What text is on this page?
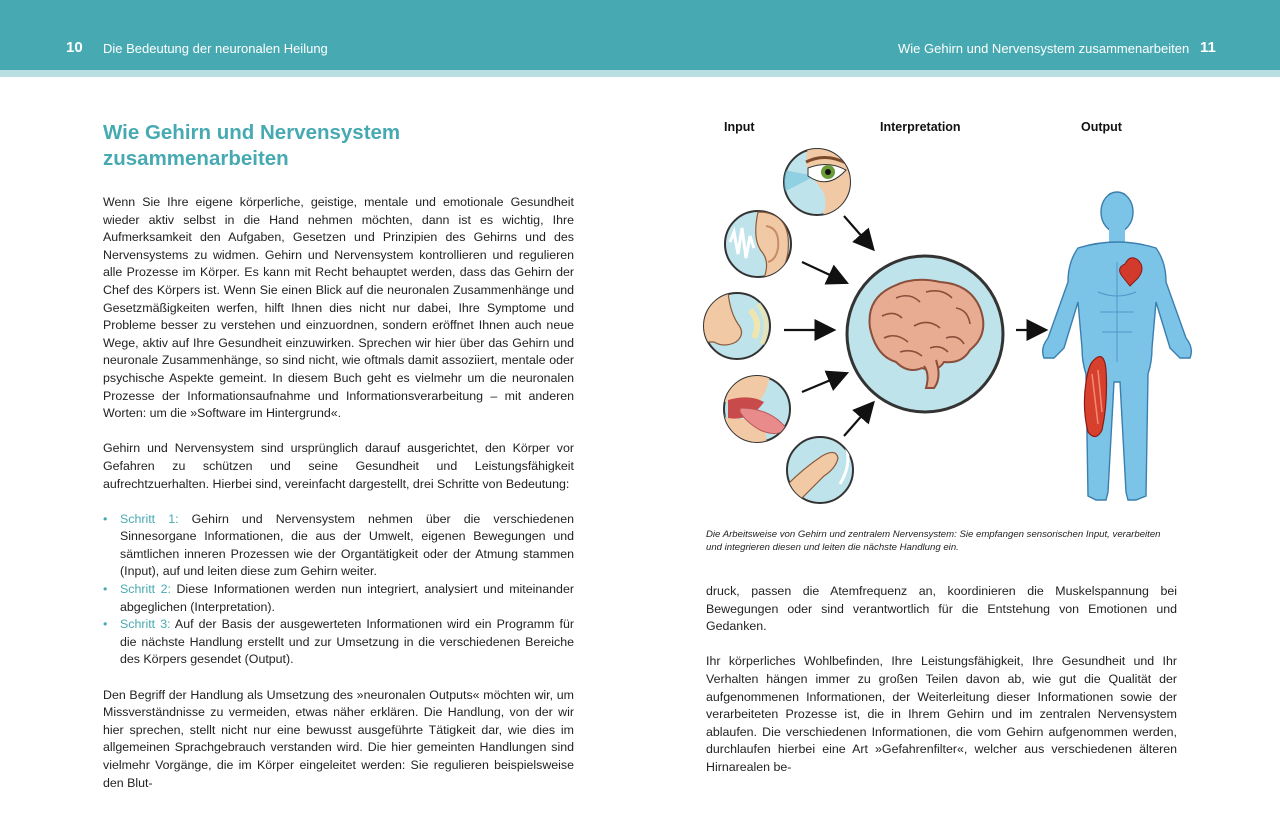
10 Die Bedeutung der neuronalen Heilung	Wie Gehirn und Nervensystem zusammenarbeiten 11
Wie Gehirn und Nervensystem zusammenarbeiten

Wenn Sie Ihre eigene körperliche, geistige, mentale und emotionale Gesundheit wieder aktiv selbst in die Hand nehmen möchten, dann ist es wichtig, Ihre Aufmerksamkeit den Aufgaben, Gesetzen und Prinzipien des Gehirns und des Nervensystems zu widmen. Gehirn und Nervensystem kontrollieren und regulieren alle Prozesse im Körper. Es kann mit Recht behauptet werden, dass das Gehirn der Chef des Körpers ist. Wenn Sie einen Blick auf die neuronalen Zusammenhänge und Gesetzmäßigkeiten werfen, hilft Ihnen dies nicht nur dabei, Ihre Symptome und Probleme besser zu verstehen und einzuordnen, sondern eröffnet Ihnen auch neue Wege, aktiv auf Ihre Gesundheit einzuwirken. Sprechen wir hier über das Gehirn und neuronale Zusammenhänge, so sind nicht, wie oftmals damit assoziiert, mentale oder psychische Aspekte gemeint. In diesem Buch geht es vielmehr um die neuronalen Prozesse der Informationsaufnahme und Informationsverarbeitung – mit anderen Worten: um die »Software im Hintergrund«.

Gehirn und Nervensystem sind ursprünglich darauf ausgerichtet, den Körper vor Gefahren zu schützen und seine Gesundheit und Leistungsfähigkeit aufrechtzuerhalten. Hierbei sind, vereinfacht dargestellt, drei Schritte von Bedeutung:

• Schritt 1: Gehirn und Nervensystem nehmen über die verschiedenen Sinnesorgane Informationen, die aus der Umwelt, eigenen Bewegungen und sämtlichen inneren Prozessen wie der Organtätigkeit oder der Atmung stammen (Input), auf und leiten diese zum Gehirn weiter.
• Schritt 2: Diese Informationen werden nun integriert, analysiert und miteinander abgeglichen (Interpretation).
• Schritt 3: Auf der Basis der ausgewerteten Informationen wird ein Programm für die nächste Handlung erstellt und zur Umsetzung in die verschiedenen Bereiche des Körpers gesendet (Output).

Den Begriff der Handlung als Umsetzung des »neuronalen Outputs« möchten wir, um Missverständnisse zu vermeiden, etwas näher erklären. Die Handlung, von der wir hier sprechen, stellt nicht nur eine bewusst ausgeführte Tätigkeit dar, wie dies im allgemeinen Sprachgebrauch verstanden wird. Die hier gemeinten Handlungen sind vielmehr Vorgänge, die im Körper eingeleitet werden: Sie regulieren beispielsweise den Blut-

Input	Interpretation	Output
Die Arbeitsweise von Gehirn und zentralem Nervensystem: Sie empfangen sensorischen Input, verarbeiten und integrieren diesen und leiten die nächste Handlung ein.

druck, passen die Atemfrequenz an, koordinieren die Muskelspannung bei Bewegungen oder sind verantwortlich für die Entstehung von Emotionen und Gedanken.

Ihr körperliches Wohlbefinden, Ihre Leistungsfähigkeit, Ihre Gesundheit und Ihr Verhalten hängen immer zu großen Teilen davon ab, wie gut die Qualität der aufgenommenen Informationen, der Weiterleitung dieser Informationen sowie der verarbeiteten Prozesse ist, die in Ihrem Gehirn und im zentralen Nervensystem ablaufen. Die verschiedenen Informationen, die vom Gehirn aufgenommen werden, durchlaufen hierbei eine Art »Gefahrenfilter«, welcher aus verschiedenen älteren Hirnarealen be-
